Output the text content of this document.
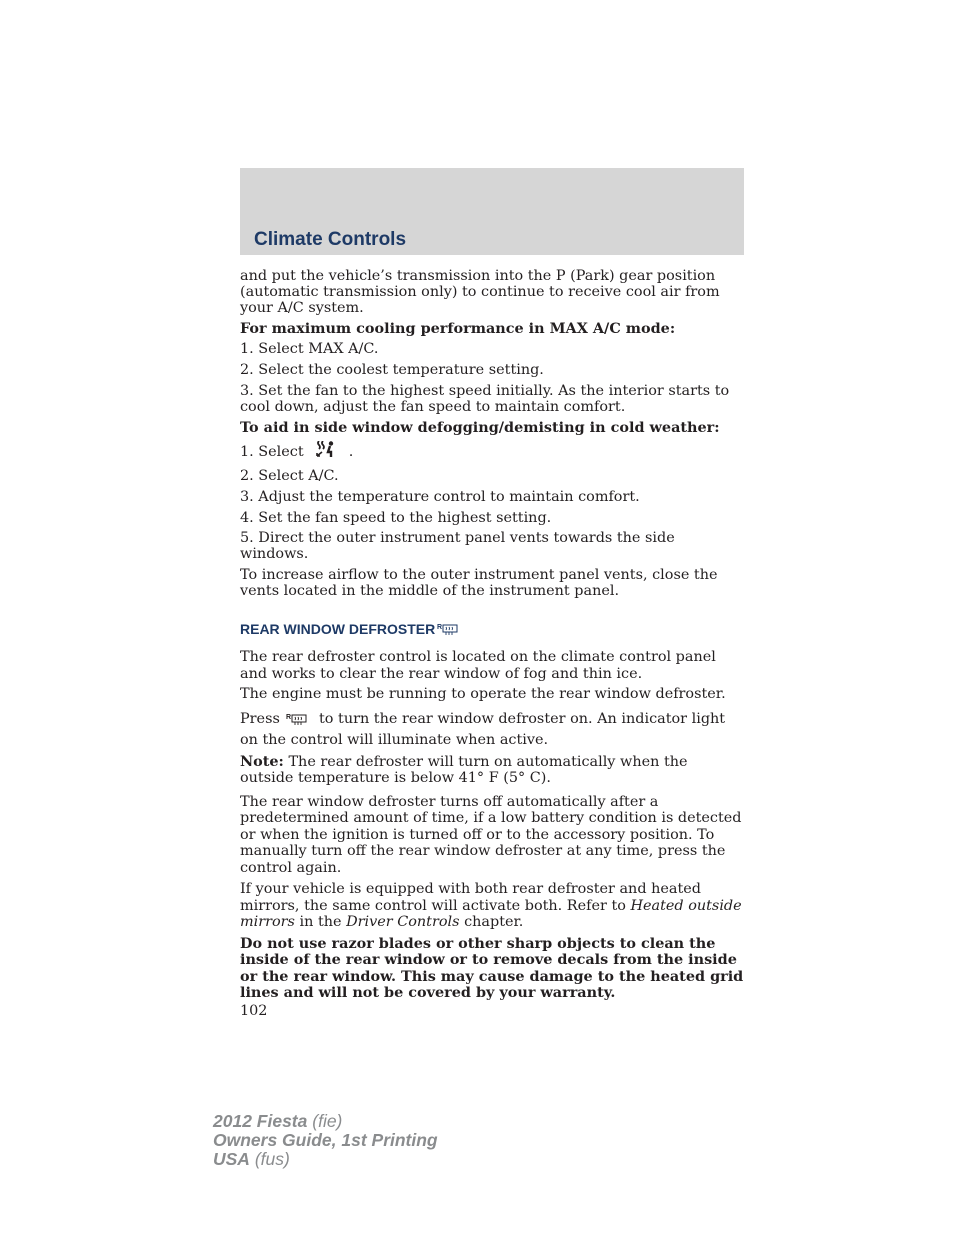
Climate Controls

and put the vehicle’s transmission into the P (Park) gear position (automatic transmission only) to continue to receive cool air from your A/C system.

For maximum cooling performance in MAX A/C mode:

1. Select MAX A/C.

2. Select the coolest temperature setting.

3. Set the fan to the highest speed initially. As the interior starts to cool down, adjust the fan speed to maintain comfort.

To aid in side window defogging/demisting in cold weather:

1. Select	.

2. Select A/C.

3. Adjust the temperature control to maintain comfort.

4. Set the fan speed to the highest setting.

5. Direct the outer instrument panel vents towards the side windows.

To increase airflow to the outer instrument panel vents, close the vents located in the middle of the instrument panel.

REAR WINDOW DEFROSTER R

The rear defroster control is located on the climate control panel and works to clear the rear window of fog and thin ice.

The engine must be running to operate the rear window defroster.

Press R to turn the rear window defroster on. An indicator light on the control will illuminate when active.

Note: The rear defroster will turn on automatically when the outside temperature is below 41° F (5° C).

The rear window defroster turns off automatically after a predetermined amount of time, if a low battery condition is detected or when the ignition is turned off or to the accessory position. To manually turn off the rear window defroster at any time, press the control again.

If your vehicle is equipped with both rear defroster and heated mirrors, the same control will activate both. Refer to Heated outside mirrors in the Driver Controls chapter.

Do not use razor blades or other sharp objects to clean the inside of the rear window or to remove decals from the inside or the rear window. This may cause damage to the heated grid lines and will not be covered by your warranty.

102
2012 Fiesta (fie)
Owners Guide, 1st Printing
USA (fus)
